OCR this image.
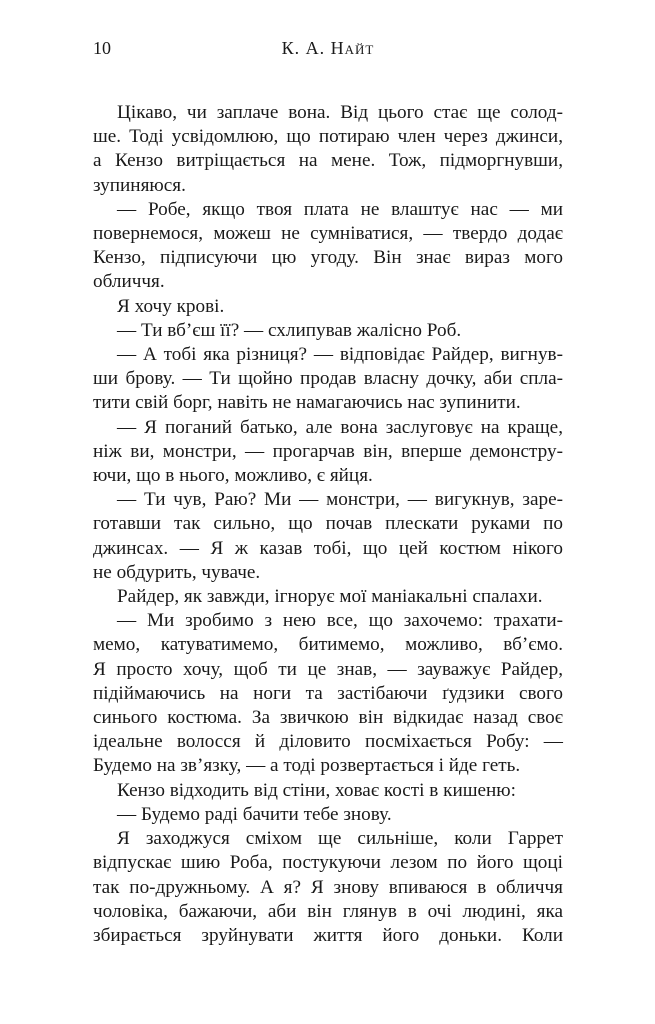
10	К. А. Найт
Цікаво, чи заплаче вона. Від цього стає ще солод-
ше. Тоді усвідомлюю, що потираю член через джинси,
а Кензо витріщається на мене. Тож, підморгнувши,
зупиняюся.
— Робе, якщо твоя плата не влаштує нас — ми
повернемося, можеш не сумніватися, — твердо додає
Кензо, підписуючи цю угоду. Він знає вираз мого
обличчя.
Я хочу крові.
— Ти вб’єш її? — схлипував жалісно Роб.
— А тобі яка різниця? — відповідає Райдер, вигнув-
ши брову. — Ти щойно продав власну дочку, аби спла-
тити свій борг, навіть не намагаючись нас зупинити.
— Я поганий батько, але вона заслуговує на краще,
ніж ви, монстри, — прогарчав він, вперше демонстру-
ючи, що в нього, можливо, є яйця.
— Ти чув, Раю? Ми — монстри, — вигукнув, заре-
готавши так сильно, що почав плескати руками по
джинсах. — Я ж казав тобі, що цей костюм нікого
не обдурить, чуваче.
Райдер, як завжди, ігнорує мої маніакальні спалахи.
— Ми зробимо з нею все, що захочемо: трахати-
мемо, катуватимемо, битимемо, можливо, вб’ємо.
Я просто хочу, щоб ти це знав, — зауважує Райдер,
підіймаючись на ноги та застібаючи ґудзики свого
синього костюма. За звичкою він відкидає назад своє
ідеальне волосся й діловито посміхається Робу: —
Будемо на зв’язку, — а тоді розвертається і йде геть.
Кензо відходить від стіни, ховає кості в кишеню:
— Будемо раді бачити тебе знову.
Я заходжуся сміхом ще сильніше, коли Гаррет
відпускає шию Роба, постукуючи лезом по його щоці
так по-дружньому. А я? Я знову впиваюся в обличчя
чоловіка, бажаючи, аби він глянув в очі людині, яка
збирається зруйнувати життя його доньки. Коли
